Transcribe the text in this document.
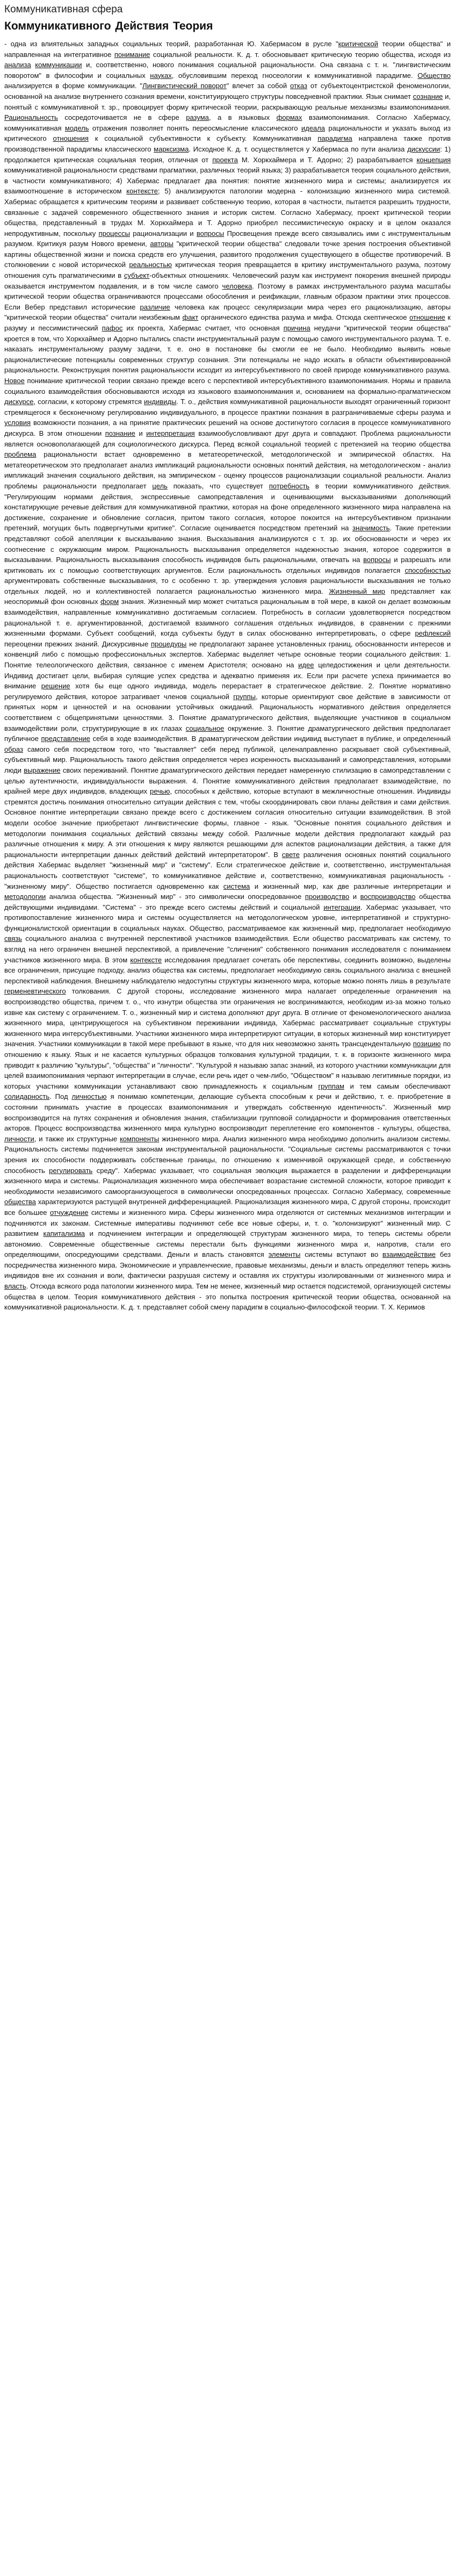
Коммуникативная сфера
Коммуникативного Действия Теория

- одна из влиятельных западных социальных теорий, разработанная Ю. Хабермасом в русле "критической теории общества" и направленная на интегративное понимание социальной реальности. К. д. т. обосновывает критическую теорию общества, исходя из анализа коммуникации и, соответственно, нового понимания социальной рациональности. Она связана с т. н. "лингвистическим поворотом" в философии и социальных науках, обусловившим переход гносеологии к коммуникативной парадигме. Общество анализируется в форме коммуникации. "Лингвистический поворот" влечет за собой отказ от субъектоцентристской феноменологии, основанной на анализе внутреннего сознания времени, конституирующего структуры повседневной практики. Язык снимает сознание и, понятый с коммуникативной т. зр., провоцирует форму критической теории, раскрывающую реальные механизмы взаимопонимания. Рациональность сосредоточивается не в сфере разума, а в языковых формах взаимопонимания. Согласно Хабермасу, коммуникативная модель отражения позволяет понять переосмысление классического идеала рациональности и указать выход из критического отношения к социальной субъективности к субъекту. Коммуникативная парадигма направлена также против производственной парадигмы классического марксизма. Исходное К. д. т. осуществляется у Хабермаса по пути анализа дискуссии: 1) продолжается критическая социальная теория, отличная от проекта М. Хоркхаймера и Т. Адорно; 2) разрабатывается концепция коммуникативной рациональности средствами прагматики, различных теорий языка; 3) разрабатывается теория социального действия, в частности коммуникативного; 4) Хабермас предлагает два понятия: понятие жизненного мира и системы; анализируется их взаимоотношение в историческом контексте; 5) анализируются патологии модерна - колонизацию жизненного мира системой. Хабермас обращается к критическим теориям и развивает собственную теорию, которая в частности, пытается разрешить трудности, связанные с задачей современного общественного знания и историк систем. Согласно Хабермасу, проект критической теории общества, представленный в трудах М. Хоркхаймера и Т. Адорно приобрел пессимистическую окраску и в целом оказался непродуктивным, поскольку процессы рационализации и вопросы Просвещения прежде всего связывались ими с инструментальным разумом. Критикуя разум Нового времени, авторы "критической теории общества" следовали точке зрения построения объективной картины общественной жизни и поиска средств его улучшения, развитого продолжения существующего в обществе противоречий. В столкновении с новой исторической реальностью критическая теория превращается в критику инструментального разума, поэтому отношения суть прагматическими в субъект-объектных отношениях. Человеческий разум как инструмент покорения внешней природы оказывается инструментом подавления, и в том числе самого человека. Поэтому в рамках инструментального разума масштабы критической теории общества ограничиваются процессами обособления и реификации, главным образом практики этих процессов. Если Вебер представил исторические различие человека как процесс секуляризации мира через его рационализацию, авторы "критической теории общества" считали неизбежным факт органического единства разума и мифа. Отсюда скептическое отношение к разуму и пессимистический пафос их проекта, Хабермас считает, что основная причина неудачи "критической теории общества" кроется в том, что Хоркхаймер и Адорно пытались спасти инструментальный разум с помощью самого инструментального разума. Т. е. наказать инструментальному разуму задачи, т. е. оно в постановке бы смогли ее не было. Необходимо выявить новые рационалистические потенциалы современных структур сознания. Эти потенциалы не надо искать в области объективированной рациональности. Реконструкция понятия рациональности исходит из интерсубъективного по своей природе коммуникативного разума. Новое понимание критической теории связано прежде всего с перспективой интерсубъективного взаимопонимания. Нормы и правила социального взаимодействия обосновываются исходя из языкового взаимопонимания и, основанием на формально-прагматическом дискурсе, согласии, к которому стремятся индивиды. Т. о., действия коммуникативной рациональности выходят ограниченный горизонт стремящегося к бесконечному регулированию индивидуального, в процессе практики познания в разграничиваемые сферы разума и условия возможности познания, а на принятие практических решений на основе достигнутого согласия в процессе коммуникативного дискурса. В этом отношении познание и интерпретация взаимообусловливают друг друга и совпадают. Проблема рациональности является основополагающей для социологического дискурса. Перед всякой социальной теорией с претензией на теорию общества проблема рациональности встает одновременно в метатеоретической, методологической и эмпирической областях. На метатеоретическом это предполагает анализ импликаций рациональности основных понятий действия, на методологическом - анализ импликаций значения социального действия, на эмпирическом - оценку процессов рационализации социальной реальности. Анализ проблемы рациональности предполагает цель показать, что существует потребность в теории коммуникативного действия. "Регулирующим нормами действия, экспрессивные самопредставления и оценивающими высказываниями дополняющий констатирующие речевые действия для коммуникативной практики, которая на фоне определенного жизненного мира направлена на достижение, сохранение и обновление согласия, притом такого согласия, которое покоится на интерсубъективном признании претензий, могущих быть подвергнутыми критике". Согласие оценивается посредством претензий на значимость. Такие претензии представляют собой апелляции к высказыванию знания. Высказывания анализируются с т. зр. их обоснованности и через их соотнесение с окружающим миром. Рациональность высказывания определяется надежностью знания, которое содержится в высказывании. Рациональность высказывания способность индивидов быть рациональными, отвечать на вопросы и разрешать или критиковать их с помощью соответствующих аргументов. Если рациональность отдельных индивидов полагается способностью аргументировать собственные высказывания, то с особенно т. зр. утверждения условия рациональности высказывания не только отдельных людей, но и коллективностей полагается рациональностью жизненного мира. Жизненный мир представляет как неоспоримый фон основных форм знания. Жизненный мир может считаться рациональным в той мере, в какой он делает возможным взаимодействия, направленные коммуникативно достигаемым согласием. Потребность в согласии удовлетворяется посредством рациональной т. е. аргументированной, достигаемой взаимного соглашения отдельных индивидов, в сравнении с прежними жизненными формами. Субъект сообщений, когда субъекты будут в силах обоснованно интерпретировать, о сфере рефлексий переоценки прежних знаний. Дискурсивные процедуры не предполагают заранее установленных границ, обоснованности интересов и конвенций либо с помощью профессиональных экспертов. Хабермас выделяет четыре основные теории социального действия: 1. Понятие телеологического действия, связанное с именем Аристотеля; основано на идее целедостижения и цели деятельности. Индивид достигает цели, выбирая сулящие успех средства и адекватно применяя их. Если при расчете успеха принимается во внимание решение хотя бы еще одного индивида, модель перерастает в стратегическое действие. 2. Понятие нормативно регулируемого действия, которое затрагивает членов социальной группы, которые ориентируют свое действие в зависимости от принятых норм и ценностей и на основании устойчивых ожиданий. Рациональность нормативного действия определяется соответствием с общепринятыми ценностями. 3. Понятие драматургического действия, выделяющие участников в социальном взаимодействии роли, структурирующие в их глазах социальное окружение. 3. Понятие драматургического действия предполагает публичное представление себя в ходе взаимодействия. В драматургическом действии индивид выступает в публике, и определенный образ самого себя посредством того, что "выставляет" себя перед публикой, целенаправленно раскрывает свой субъективный, субъективный мир. Рациональность такого действия определяется через искренность высказываний и самопредставления, которыми люди выражение своих переживаний. Понятие драматургического действия передает намеренную стилизацию в самопредставлении с целью аутентичности, индивидуальности выражения. 4. Понятие коммуникативного действия предполагает взаимодействие, по крайней мере двух индивидов, владеющих речью, способных к действию, которые вступают в межличностные отношения. Индивиды стремятся достичь понимания относительно ситуации действия с тем, чтобы скоординировать свои планы действия и сами действия. Основное понятие интерпретации связано прежде всего с достижением согласия относительно ситуации взаимодействия. В этой модели особое значение приобретают лингвистические формы, главное - язык. "Основные понятия социального действия и методологии понимания социальных действий связаны между собой. Различные модели действия предполагают каждый раз различные отношения к миру. А эти отношения к миру являются решающими для аспектов рационализации действия, а также для рациональности интерпретации данных действий действий интерпретатором". В свете различения основных понятий социального действия Хабермас выделяет "жизненный мир" и "систему". Если стратегическое действие и, соответственно, инструментальная рациональность соответствуют "системе", то коммуникативное действие и, соответственно, коммуникативная рациональность - "жизненному миру". Общество постигается одновременно как система и жизненный мир, как две различные интерпретации и методологии анализа общества. "Жизненный мир" - это символически опосредованное производство и воспроизводство общества действующими индивидами. "Система" - это прежде всего системы действий и социальной интеграции. Хабермас указывает, что противопоставление жизненного мира и системы осуществляется на методологическом уровне, интерпретативной и структурно-функционалистской ориентации в социальных науках. Общество, рассматриваемое как жизненный мир, предполагает необходимую связь социального анализа с внутренней перспективой участников взаимодействия. Если общество рассматривать как систему, то взгляд на него ограничен внешней перспективой, а привлечение "сличения" собственного понимания исследователя с пониманием участников жизненного мира. В этом контексте исследования предлагает сочетать обе перспективы, соединить возможно, выделены все ограничения, присущие подходу, анализ общества как системы, предполагает необходимую связь социального анализа с внешней перспективой наблюдения. Внешнему наблюдателю недоступны структуры жизненного мира, которые можно понять лишь в результате герменевтического толкования. С другой стороны, исследование жизненного мира налагает определенные ограничения на воспроизводство общества, причем т. о., что изнутри общества эти ограничения не воспринимаются, необходим из-за можно только извне как систему с ограничением. Т. о., жизненный мир и система дополняют друг друга. В отличие от феноменологического анализа жизненного мира, центрирующегося на субъективном переживании индивида, Хабермас рассматривает социальные структуры жизненного мира интерсубъективными. Участники жизненного мира интерпретируют ситуации, в которых жизненный мир конституирует значения. Участники коммуникации в такой мере пребывают в языке, что для них невозможно занять трансцендентальную позицию по отношению к языку. Язык и не касается культурных образцов толкования культурной традиции, т. к. в горизонте жизненного мира приводит к различию "культуры", "общества" и "личности". "Культурой я называю запас знаний, из которого участники коммуникации для целей взаимопонимания черпают интерпретации в случае, если речь идет о чем-либо, "Обществом" я называю легитимные порядки, из которых участники коммуникации устанавливают свою принадлежность к социальным группам и тем самым обеспечивают солидарность. Под личностью я понимаю компетенции, делающие субъекта способным к речи и действию, т. е. приобретение в состоянии принимать участие в процессах взаимопонимания и утверждать собственную идентичность". Жизненный мир воспроизводится на путях сохранения и обновления знания, стабилизации групповой солидарности и формирования ответственных акторов. Процесс воспроизводства жизненного мира культурно воспроизводит переплетение его компонентов - культуры, общества, личности, и также их структурные компоненты жизненного мира. Анализ жизненного мира необходимо дополнить анализом системы. Рациональность системы подчиняется законам инструментальной рациональности. "Социальные системы рассматриваются с точки зрения их способности поддерживать собственные границы, по отношению к изменчивой окружающей среде, и собственную способность регулировать среду". Хабермас указывает, что социальная эволюция выражается в разделении и дифференциации жизненного мира и системы. Рационализация жизненного мира обеспечивает возрастание системной сложности, которое приводит к необходимости независимого самоорганизующегося в символически опосредованных процессах. Согласно Хабермасу, современные общества характеризуются растущей внутренней дифференциацией. Рационализация жизненного мира, С другой стороны, происходит все большее отчуждение системы и жизненного мира. Сферы жизненного мира отделяются от системных механизмов интеграции и подчиняются их законам. Системные императивы подчиняют себе все новые сферы, и, т. о. "колонизируют" жизненный мир. С развитием капитализма и подчинением интеграции и определяющей структурам жизненного мира, то теперь системы обрели автономию. Современные общественные системы перестали быть функциями жизненного мира и, напротив, стали его определяющими, опосредующими средствами. Деньги и власть становятся элементы системы вступают во взаимодействие без посредничества жизненного мира. Экономические и управленческие, правовые механизмы, деньги и власть определяют теперь жизнь индивидов вне их сознания и воли, фактически разрушая систему и оставляя их структуры изолированными от жизненного мира и власть. Отсюда всякого рода патологии жизненного мира. Тем не менее, жизненный мир остается подсистемой, организующей системы общества в целом. Теория коммуникативного действия - это попытка построения критической теории общества, основанной на коммуникативной рациональности. К. д. т. представляет собой смену парадигм в социально-философской теории. Т. Х. Керимов
